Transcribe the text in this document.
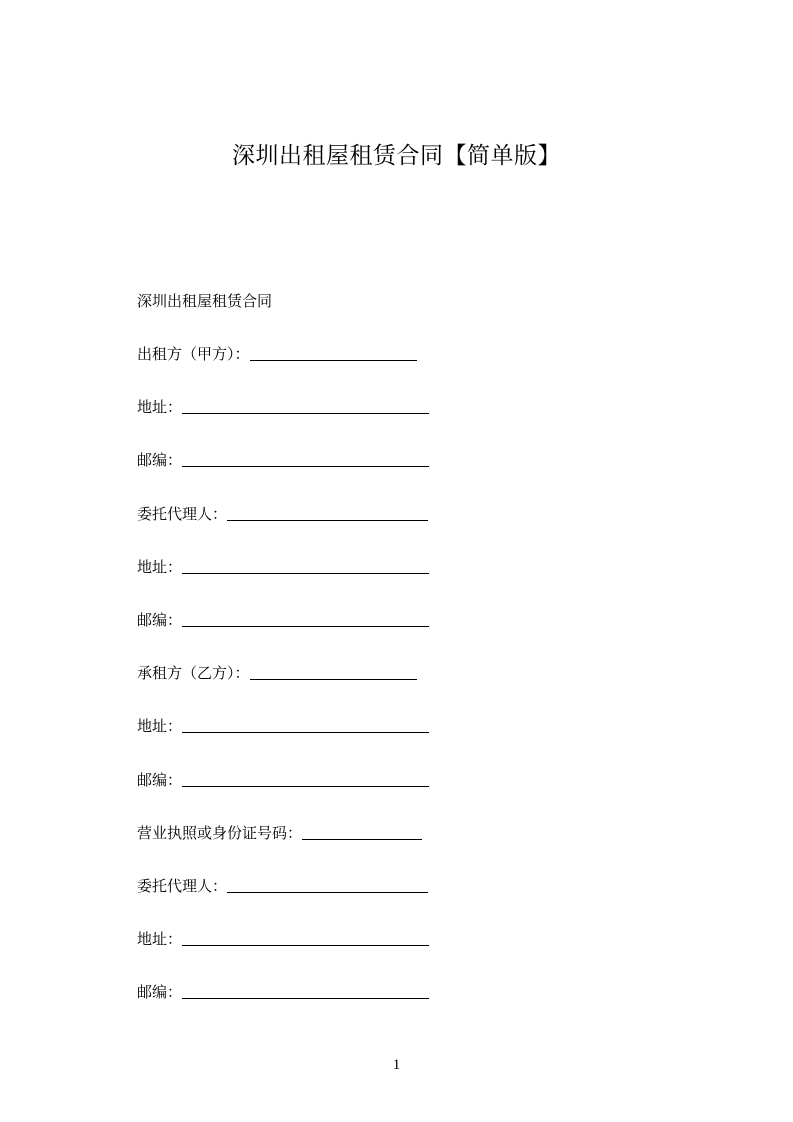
深圳出租屋租赁合同【简单版】
深圳出租屋租赁合同
出租方（甲方）：
地址：
邮编：
委托代理人：
地址：
邮编：
承租方（乙方）：
地址：
邮编：
营业执照或身份证号码：
委托代理人：
地址：
邮编：
1
